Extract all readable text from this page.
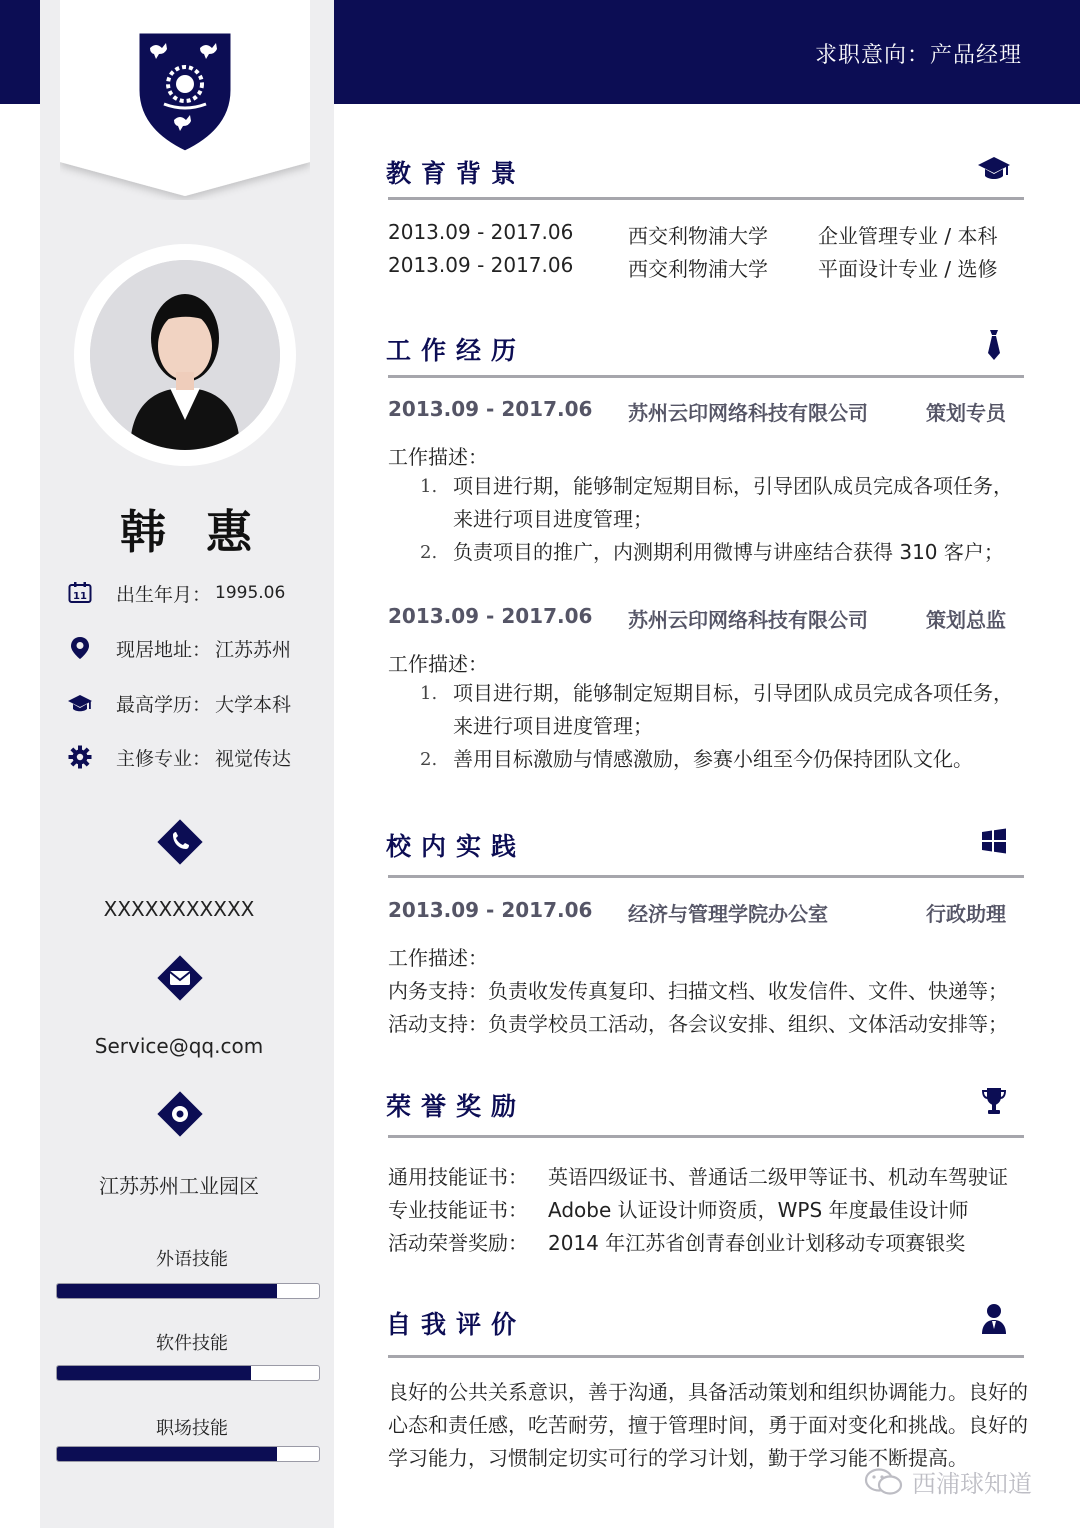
求职意向：产品经理
韩 惠
11 出生年月： 1995.06
现居地址： 江苏苏州
最高学历： 大学本科
主修专业： 视觉传达
XXXXXXXXXXX
Service@qq.com
江苏苏州工业园区
外语技能
软件技能
职场技能
教育背景
2013.09 - 2017.06	西交利物浦大学	企业管理专业 / 本科
2013.09 - 2017.06	西交利物浦大学	平面设计专业 / 选修
工作经历
2013.09 - 2017.06 苏州云印网络科技有限公司	策划专员
工作描述：
1. 项目进行期，能够制定短期目标，引导团队成员完成各项任务，来进行项目进度管理；
2. 负责项目的推广，内测期利用微博与讲座结合获得 310 客户；
2013.09 - 2017.06 苏州云印网络科技有限公司	策划总监
工作描述：
1. 项目进行期，能够制定短期目标，引导团队成员完成各项任务，来进行项目进度管理；
2. 善用目标激励与情感激励，参赛小组至今仍保持团队文化。
校内实践
2013.09 - 2017.06 经济与管理学院办公室	行政助理
工作描述：
内务支持：负责收发传真复印、扫描文档、收发信件、文件、快递等；
活动支持：负责学校员工活动，各会议安排、组织、文体活动安排等；
荣誉奖励
通用技能证书： 英语四级证书、普通话二级甲等证书、机动车驾驶证
专业技能证书： Adobe 认证设计师资质，WPS 年度最佳设计师
活动荣誉奖励： 2014 年江苏省创青春创业计划移动专项赛银奖
自我评价
良好的公共关系意识，善于沟通，具备活动策划和组织协调能力。良好的心态和责任感，吃苦耐劳，擅于管理时间，勇于面对变化和挑战。良好的学习能力，习惯制定切实可行的学习计划，勤于学习能不断提高。
西浦球知道
